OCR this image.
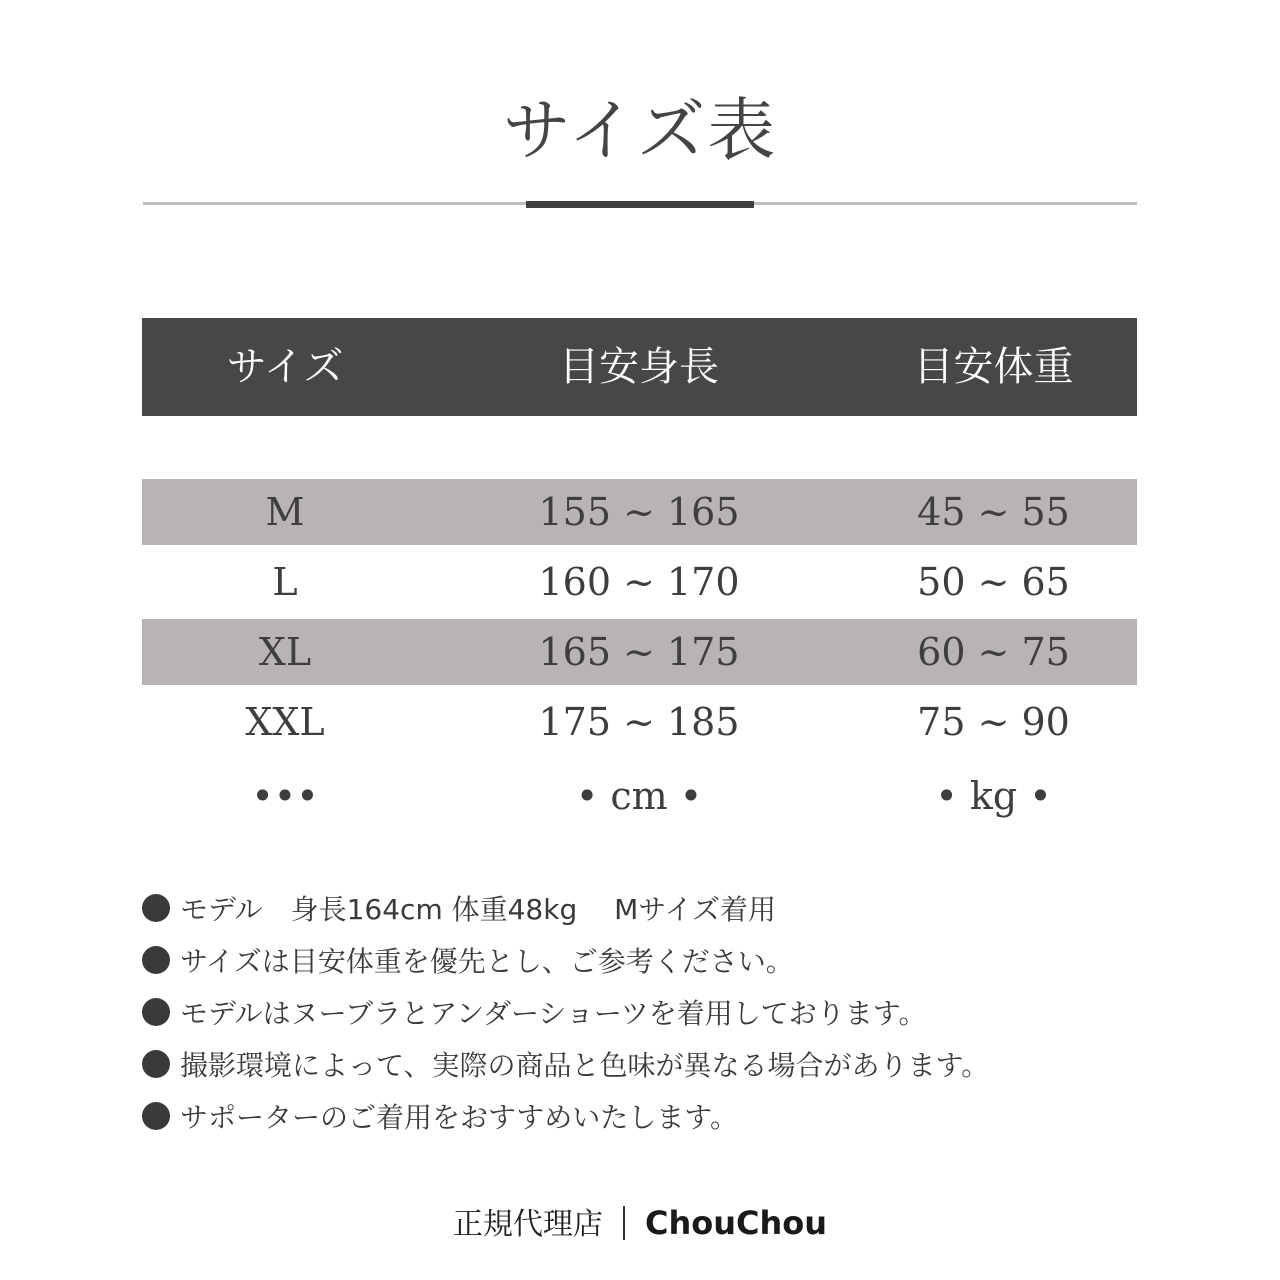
サイズ表
サイズ	目安身長	目安体重
M	155 ~ 165	45 ~ 55
L	160 ~ 170	50 ~ 65
XL	165 ~ 175	60 ~ 75
XXL	175 ~ 185	75 ~ 90
•••	• cm •	• kg •
モデル　身長164cm 体重48kg　 Mサイズ着用
サイズは目安体重を優先とし、ご参考ください。
モデルはヌーブラとアンダーショーツを着用しております。
撮影環境によって、実際の商品と色味が異なる場合があります。
サポーターのご着用をおすすめいたします。
正規代理店 ChouChou
